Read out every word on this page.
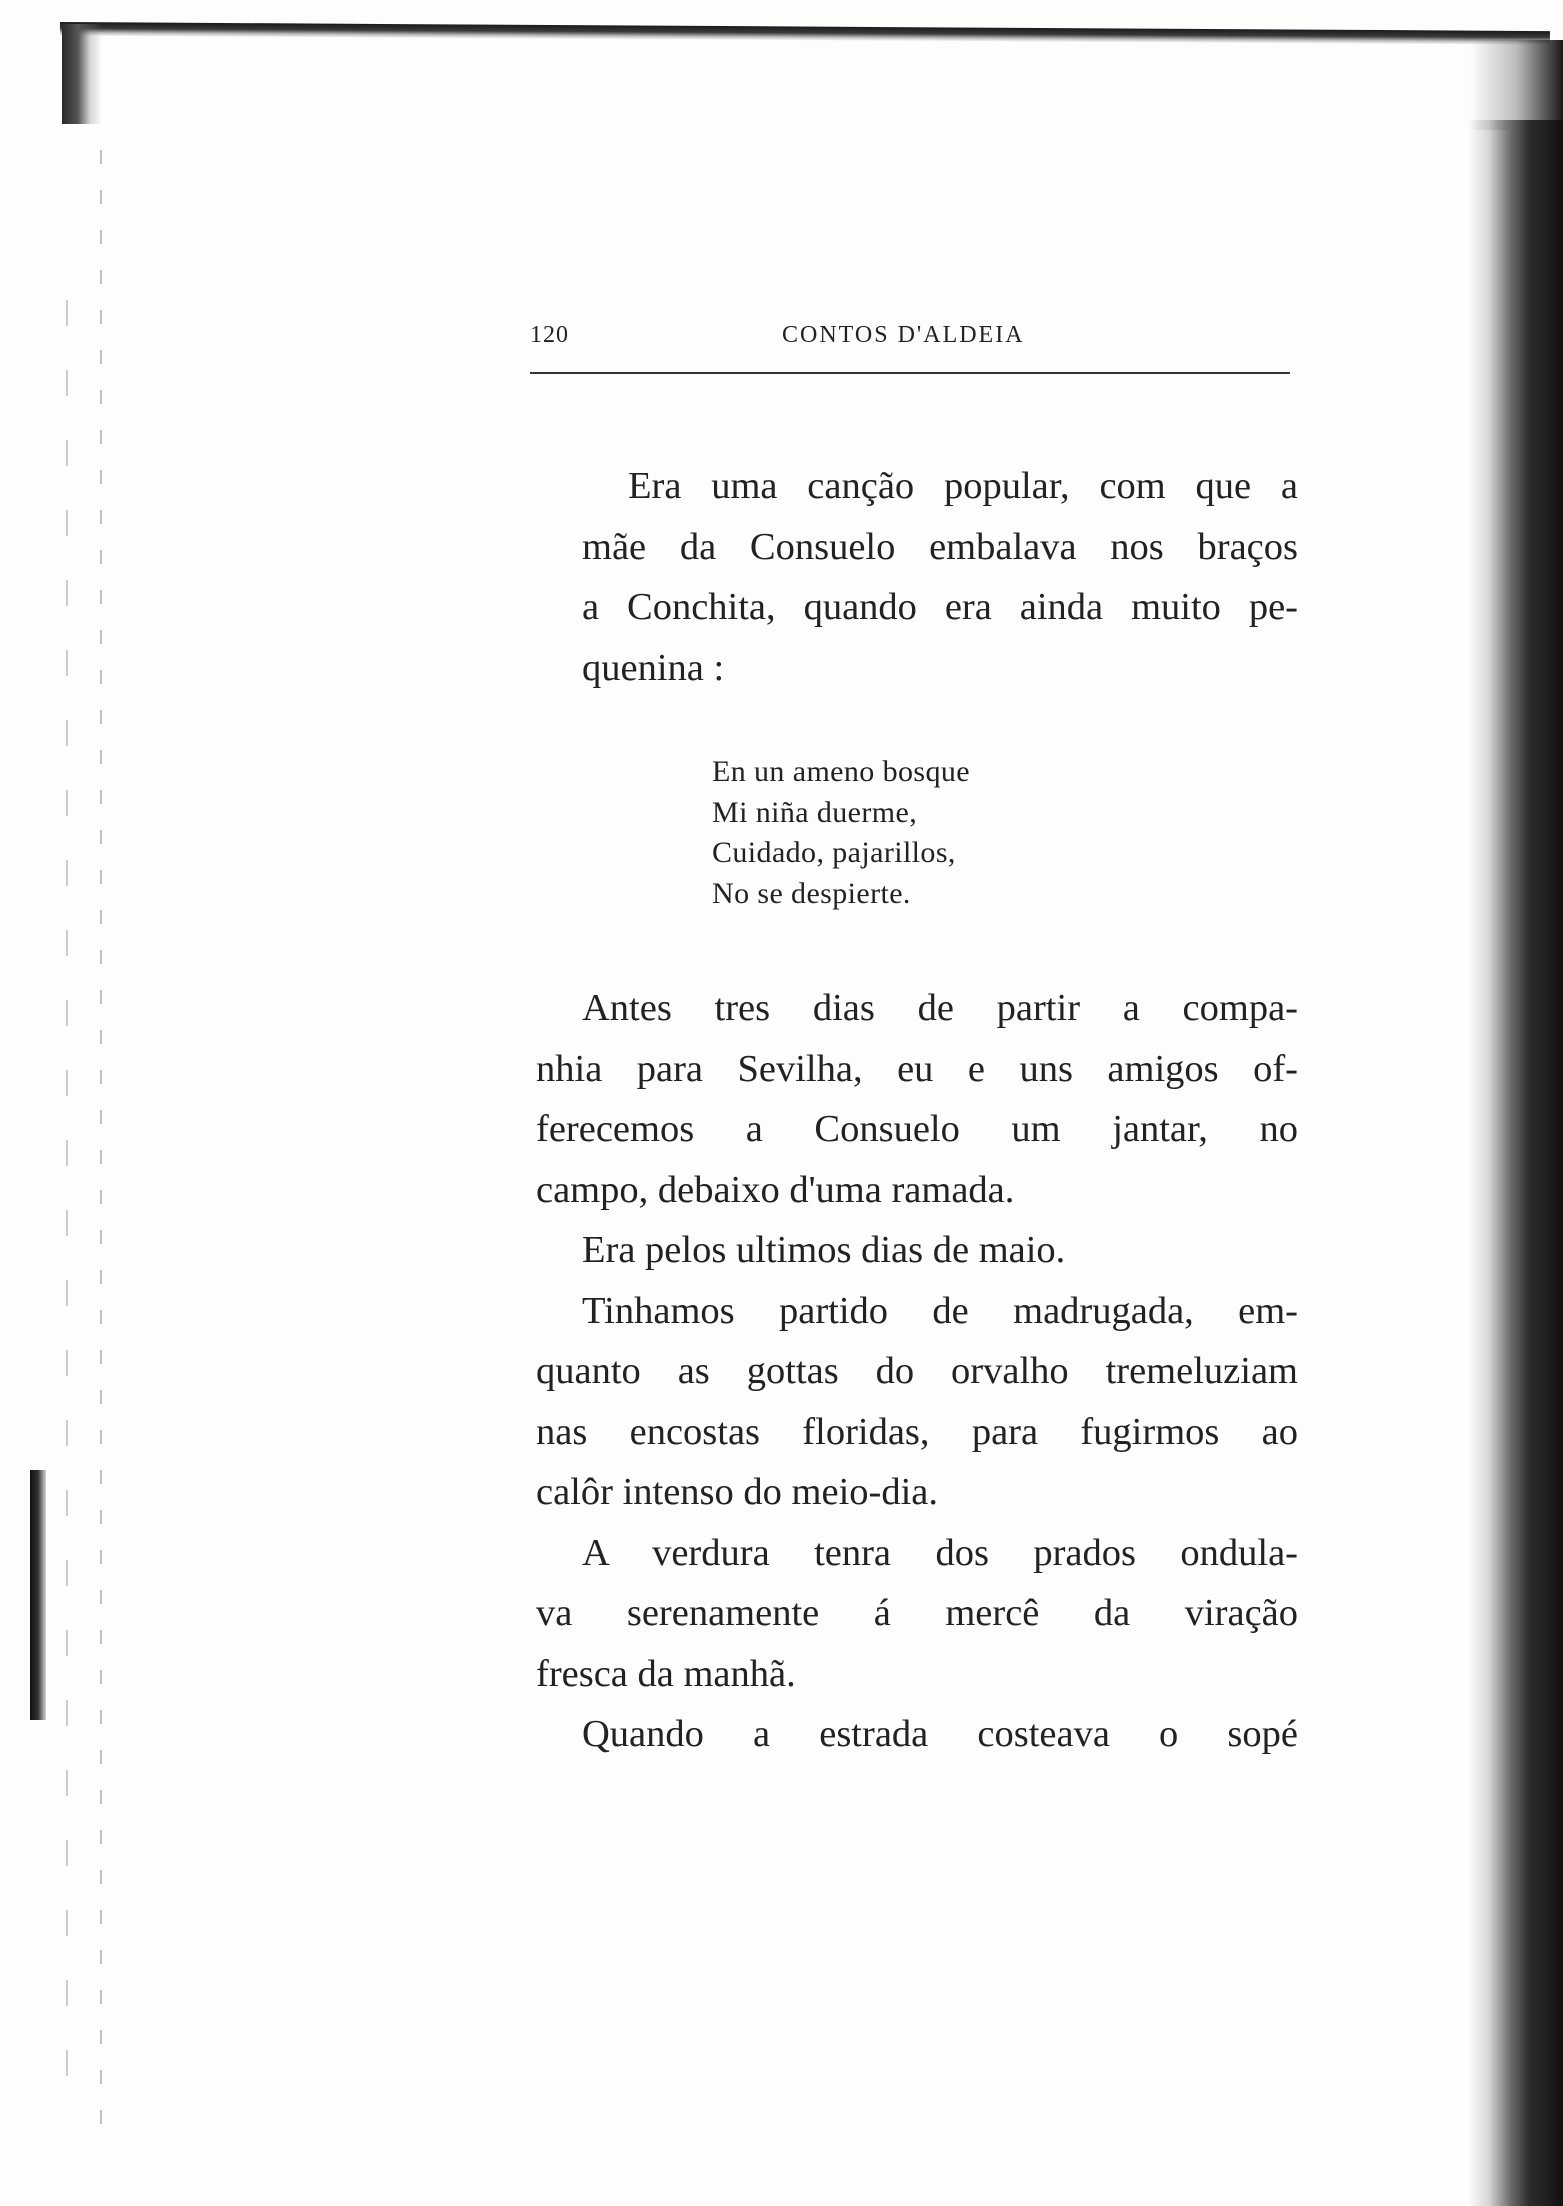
120	CONTOS D'ALDEIA
Era uma canção popular, com que a
mãe da Consuelo embalava nos braços
a Conchita, quando era ainda muito pe-
quenina :
En un ameno bosque
Mi niña duerme,
Cuidado, pajarillos,
No se despierte.
Antes tres dias de partir a compa-
nhia para Sevilha, eu e uns amigos of-
ferecemos a Consuelo um jantar, no
campo, debaixo d'uma ramada.
Era pelos ultimos dias de maio.
Tinhamos partido de madrugada, em-
quanto as gottas do orvalho tremeluziam
nas encostas floridas, para fugirmos ao
calôr intenso do meio-dia.
A verdura tenra dos prados ondula-
va serenamente á mercê da viração
fresca da manhã.
Quando a estrada costeava o sopé
